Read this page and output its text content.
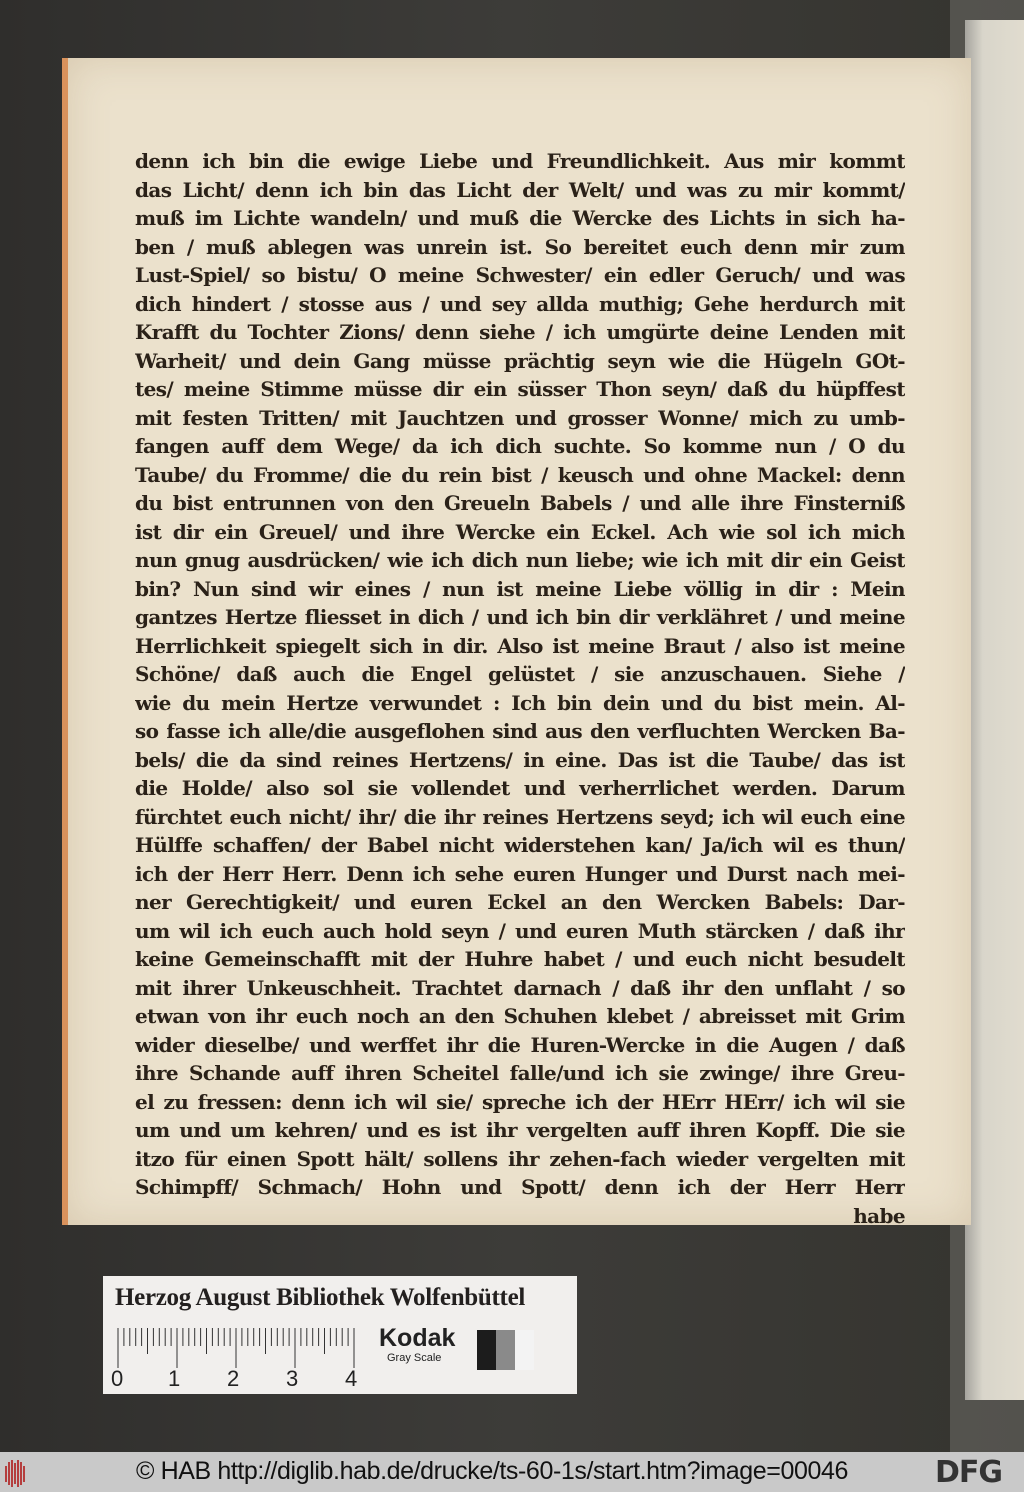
denn ich bin die ewige Liebe und Freundlichkeit. Aus mir kommt
das Licht/ denn ich bin das Licht der Welt/ und was zu mir kommt/
muß im Lichte wandeln/ und muß die Wercke des Lichts in sich ha-
ben / muß ablegen was unrein ist. So bereitet euch denn mir zum
Lust-Spiel/ so bistu/ O meine Schwester/ ein edler Geruch/ und was
dich hindert / stosse aus / und sey allda muthig; Gehe herdurch mit
Krafft du Tochter Zions/ denn siehe / ich umgürte deine Lenden mit
Warheit/ und dein Gang müsse prächtig seyn wie die Hügeln GOt-
tes/ meine Stimme müsse dir ein süsser Thon seyn/ daß du hüpffest
mit festen Tritten/ mit Jauchtzen und grosser Wonne/ mich zu umb-
fangen auff dem Wege/ da ich dich suchte. So komme nun / O du
Taube/ du Fromme/ die du rein bist / keusch und ohne Mackel: denn
du bist entrunnen von den Greueln Babels / und alle ihre Finsterniß
ist dir ein Greuel/ und ihre Wercke ein Eckel. Ach wie sol ich mich
nun gnug ausdrücken/ wie ich dich nun liebe; wie ich mit dir ein Geist
bin? Nun sind wir eines / nun ist meine Liebe völlig in dir : Mein
gantzes Hertze fliesset in dich / und ich bin dir verklähret / und meine
Herrlichkeit spiegelt sich in dir. Also ist meine Braut / also ist meine
Schöne/ daß auch die Engel gelüstet / sie anzuschauen. Siehe /
wie du mein Hertze verwundet : Ich bin dein und du bist mein. Al-
so fasse ich alle/die ausgeflohen sind aus den verfluchten Wercken Ba-
bels/ die da sind reines Hertzens/ in eine. Das ist die Taube/ das ist
die Holde/ also sol sie vollendet und verherrlichet werden. Darum
fürchtet euch nicht/ ihr/ die ihr reines Hertzens seyd; ich wil euch eine
Hülffe schaffen/ der Babel nicht widerstehen kan/ Ja/ich wil es thun/
ich der Herr Herr. Denn ich sehe euren Hunger und Durst nach mei-
ner Gerechtigkeit/ und euren Eckel an den Wercken Babels: Dar-
um wil ich euch auch hold seyn / und euren Muth stärcken / daß ihr
keine Gemeinschafft mit der Huhre habet / und euch nicht besudelt
mit ihrer Unkeuschheit. Trachtet darnach / daß ihr den unflaht / so
etwan von ihr euch noch an den Schuhen klebet / abreisset mit Grim
wider dieselbe/ und werffet ihr die Huren-Wercke in die Augen / daß
ihre Schande auff ihren Scheitel falle/und ich sie zwinge/ ihre Greu-
el zu fressen: denn ich wil sie/ spreche ich der HErr HErr/ ich wil sie
um und um kehren/ und es ist ihr vergelten auff ihren Kopff. Die sie
itzo für einen Spott hält/ sollens ihr zehen-fach wieder vergelten mit
Schimpff/ Schmach/ Hohn und Spott/ denn ich der Herr Herr
habe
Herzog August Bibliothek Wolfenbüttel
0 1 2 3 4
Kodak
Gray Scale
© HAB http://diglib.hab.de/drucke/ts-60-1s/start.htm?image=00046	DFG
